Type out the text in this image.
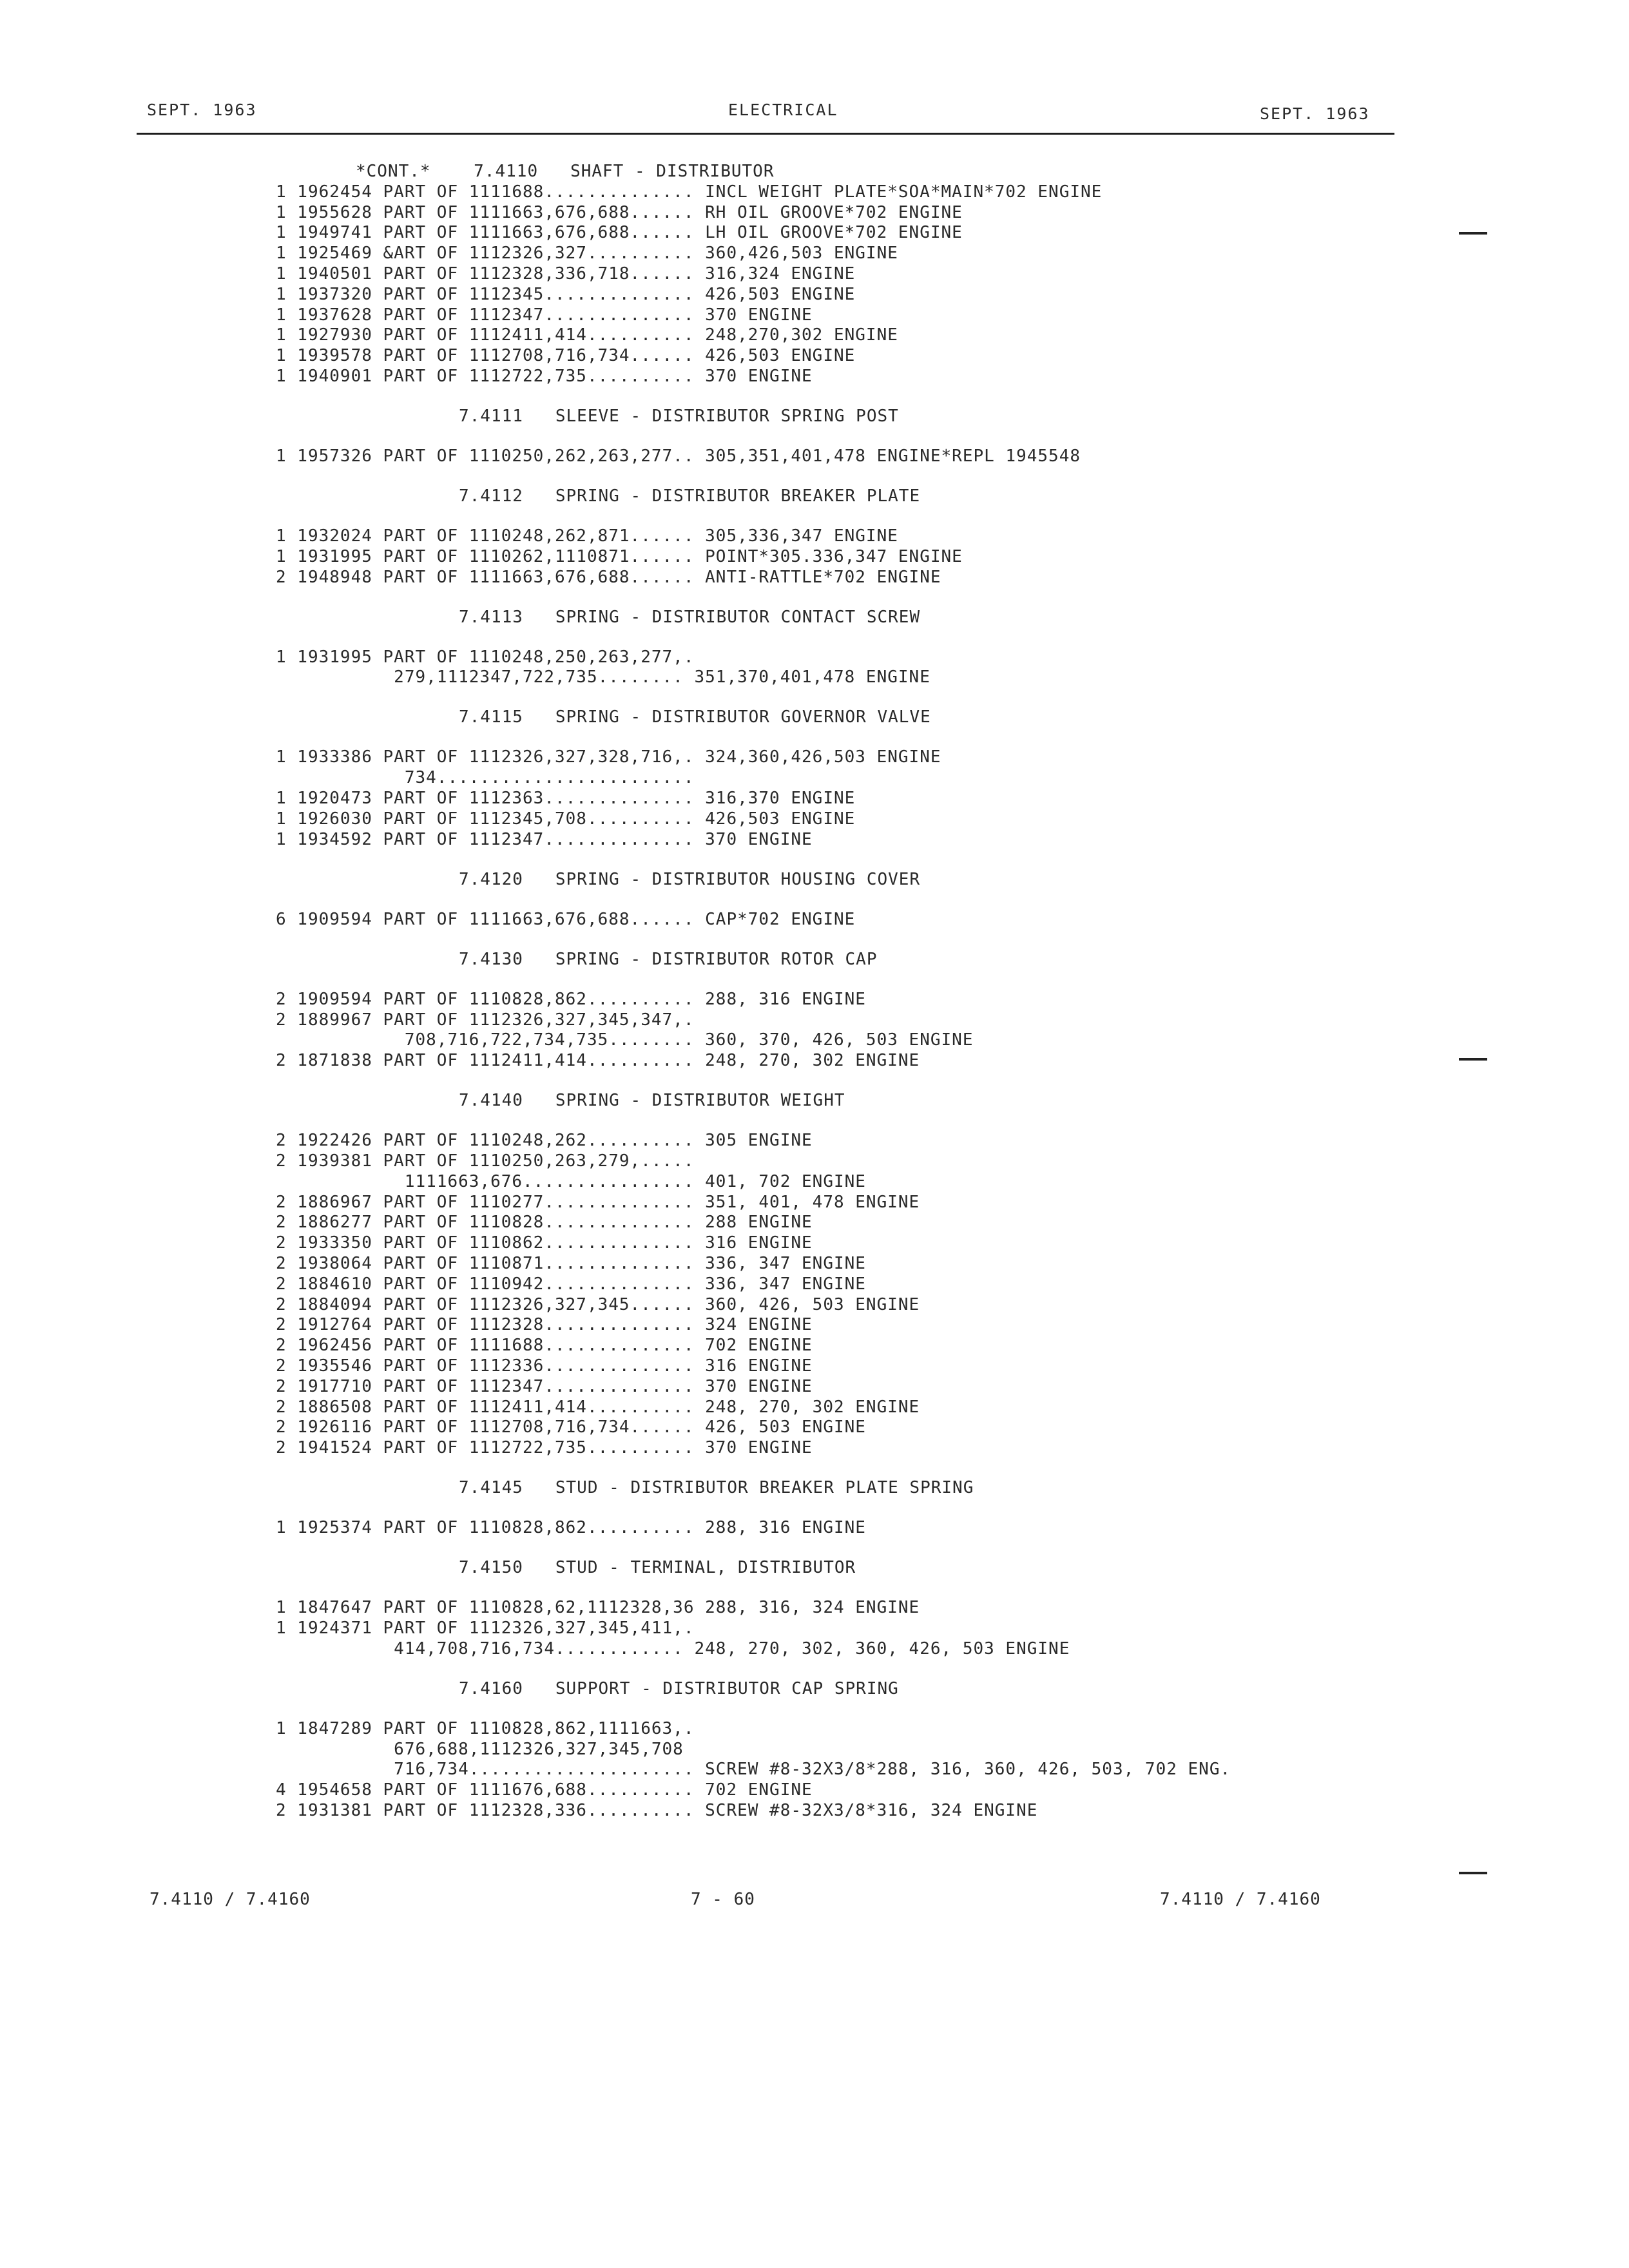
SEPT. 1963	ELECTRICAL	SEPT. 1963
*CONT.*    7.4110   SHAFT - DISTRIBUTOR
1 1962454 PART OF 1111688.............. INCL WEIGHT PLATE*SOA*MAIN*702 ENGINE
1 1955628 PART OF 1111663,676,688...... RH OIL GROOVE*702 ENGINE
1 1949741 PART OF 1111663,676,688...... LH OIL GROOVE*702 ENGINE
1 1925469 &ART OF 1112326,327.......... 360,426,503 ENGINE
1 1940501 PART OF 1112328,336,718...... 316,324 ENGINE
1 1937320 PART OF 1112345.............. 426,503 ENGINE
1 1937628 PART OF 1112347.............. 370 ENGINE
1 1927930 PART OF 1112411,414.......... 248,270,302 ENGINE
1 1939578 PART OF 1112708,716,734...... 426,503 ENGINE
1 1940901 PART OF 1112722,735.......... 370 ENGINE
7.4111   SLEEVE - DISTRIBUTOR SPRING POST
1 1957326 PART OF 1110250,262,263,277.. 305,351,401,478 ENGINE*REPL 1945548
7.4112   SPRING - DISTRIBUTOR BREAKER PLATE
1 1932024 PART OF 1110248,262,871...... 305,336,347 ENGINE
1 1931995 PART OF 1110262,1110871...... POINT*305.336,347 ENGINE
2 1948948 PART OF 1111663,676,688...... ANTI-RATTLE*702 ENGINE
7.4113   SPRING - DISTRIBUTOR CONTACT SCREW
1 1931995 PART OF 1110248,250,263,277,.
279,1112347,722,735........ 351,370,401,478 ENGINE
7.4115   SPRING - DISTRIBUTOR GOVERNOR VALVE
1 1933386 PART OF 1112326,327,328,716,. 324,360,426,503 ENGINE
734........................
1 1920473 PART OF 1112363.............. 316,370 ENGINE
1 1926030 PART OF 1112345,708.......... 426,503 ENGINE
1 1934592 PART OF 1112347.............. 370 ENGINE
7.4120   SPRING - DISTRIBUTOR HOUSING COVER
6 1909594 PART OF 1111663,676,688...... CAP*702 ENGINE
7.4130   SPRING - DISTRIBUTOR ROTOR CAP
2 1909594 PART OF 1110828,862.......... 288, 316 ENGINE
2 1889967 PART OF 1112326,327,345,347,.
708,716,722,734,735........ 360, 370, 426, 503 ENGINE
2 1871838 PART OF 1112411,414.......... 248, 270, 302 ENGINE
7.4140   SPRING - DISTRIBUTOR WEIGHT
2 1922426 PART OF 1110248,262.......... 305 ENGINE
2 1939381 PART OF 1110250,263,279,.....
1111663,676................ 401, 702 ENGINE
2 1886967 PART OF 1110277.............. 351, 401, 478 ENGINE
2 1886277 PART OF 1110828.............. 288 ENGINE
2 1933350 PART OF 1110862.............. 316 ENGINE
2 1938064 PART OF 1110871.............. 336, 347 ENGINE
2 1884610 PART OF 1110942.............. 336, 347 ENGINE
2 1884094 PART OF 1112326,327,345...... 360, 426, 503 ENGINE
2 1912764 PART OF 1112328.............. 324 ENGINE
2 1962456 PART OF 1111688.............. 702 ENGINE
2 1935546 PART OF 1112336.............. 316 ENGINE
2 1917710 PART OF 1112347.............. 370 ENGINE
2 1886508 PART OF 1112411,414.......... 248, 270, 302 ENGINE
2 1926116 PART OF 1112708,716,734...... 426, 503 ENGINE
2 1941524 PART OF 1112722,735.......... 370 ENGINE
7.4145   STUD - DISTRIBUTOR BREAKER PLATE SPRING
1 1925374 PART OF 1110828,862.......... 288, 316 ENGINE
7.4150   STUD - TERMINAL, DISTRIBUTOR
1 1847647 PART OF 1110828,62,1112328,36 288, 316, 324 ENGINE
1 1924371 PART OF 1112326,327,345,411,.
414,708,716,734............ 248, 270, 302, 360, 426, 503 ENGINE
7.4160   SUPPORT - DISTRIBUTOR CAP SPRING
1 1847289 PART OF 1110828,862,1111663,.
676,688,1112326,327,345,708
716,734..................... SCREW #8-32X3/8*288, 316, 360, 426, 503, 702 ENG.
4 1954658 PART OF 1111676,688.......... 702 ENGINE
2 1931381 PART OF 1112328,336.......... SCREW #8-32X3/8*316, 324 ENGINE
7.4110 / 7.4160	7 - 60	7.4110 / 7.4160
